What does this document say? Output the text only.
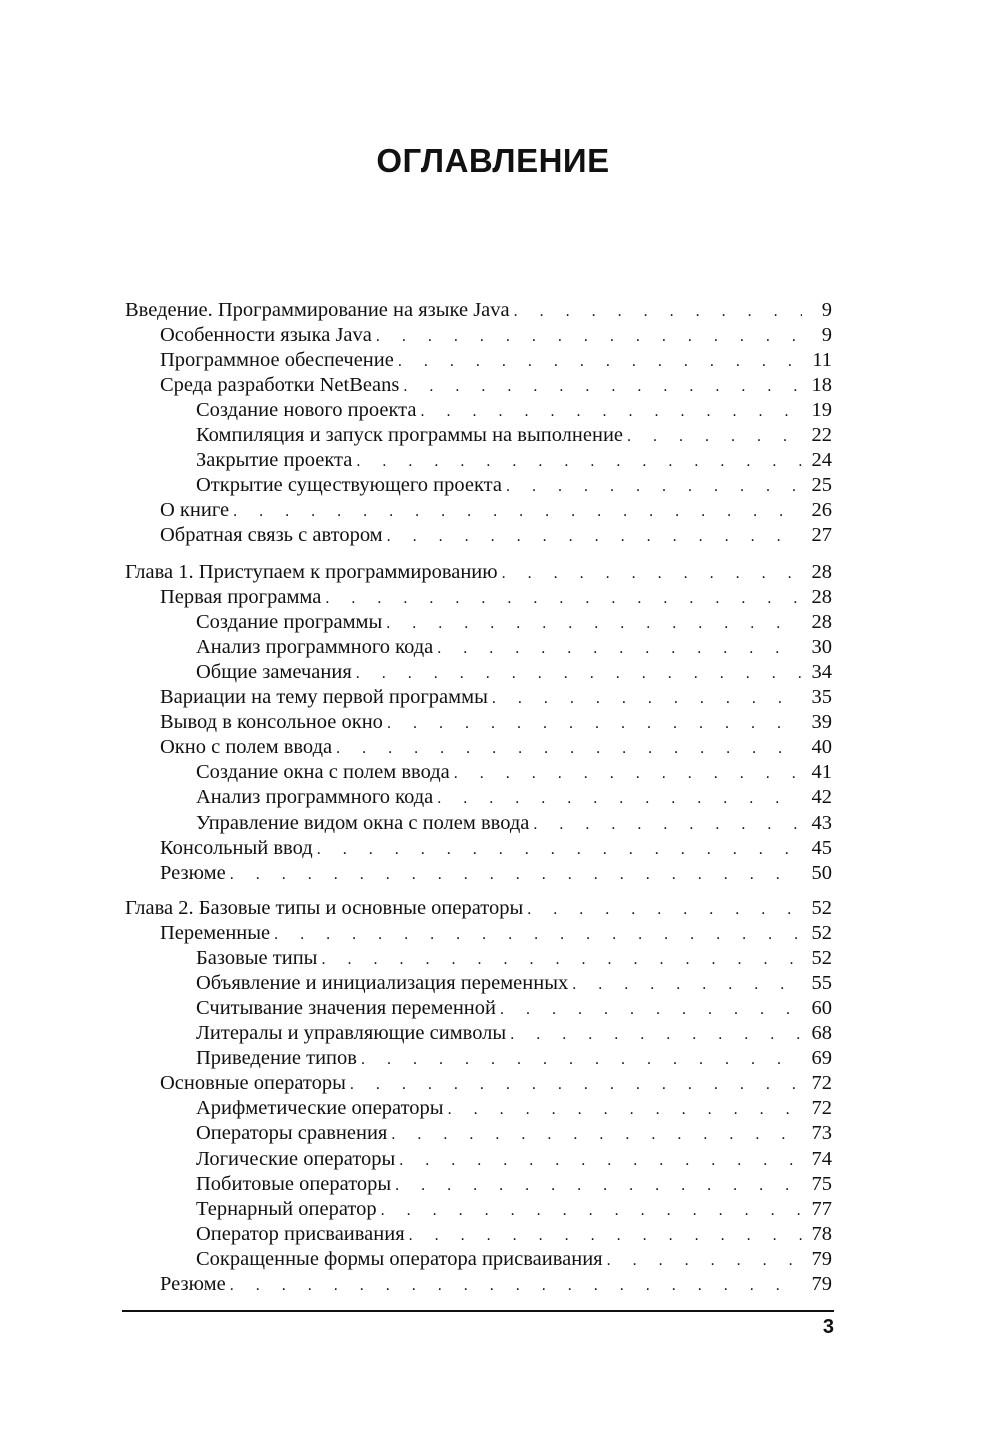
ОГЛАВЛЕНИЕ
Введение. Программирование на языке Java . . .	9
Особенности языка Java . . .	9
Программное обеспечение . . .	11
Среда разработки NetBeans . . .	18
Создание нового проекта . . .	19
Компиляция и запуск программы на выполнение . . .	22
Закрытие проекта . . .	24
Открытие существующего проекта . . .	25
О книге . . .	26
Обратная связь с автором . . .	27
Глава 1. Приступаем к программированию . . .	28
Первая программа . . .	28
Создание программы . . .	28
Анализ программного кода . . .	30
Общие замечания . . .	34
Вариации на тему первой программы . . .	35
Вывод в консольное окно . . .	39
Окно с полем ввода . . .	40
Создание окна с полем ввода . . .	41
Анализ программного кода . . .	42
Управление видом окна с полем ввода . . .	43
Консольный ввод . . .	45
Резюме . . .	50
Глава 2. Базовые типы и основные операторы . . .	52
Переменные . . .	52
Базовые типы . . .	52
Объявление и инициализация переменных . . .	55
Считывание значения переменной . . .	60
Литералы и управляющие символы . . .	68
Приведение типов . . .	69
Основные операторы . . .	72
Арифметические операторы . . .	72
Операторы сравнения . . .	73
Логические операторы . . .	74
Побитовые операторы . . .	75
Тернарный оператор . . .	77
Оператор присваивания . . .	78
Сокращенные формы оператора присваивания . . .	79
Резюме . . .	79
3
